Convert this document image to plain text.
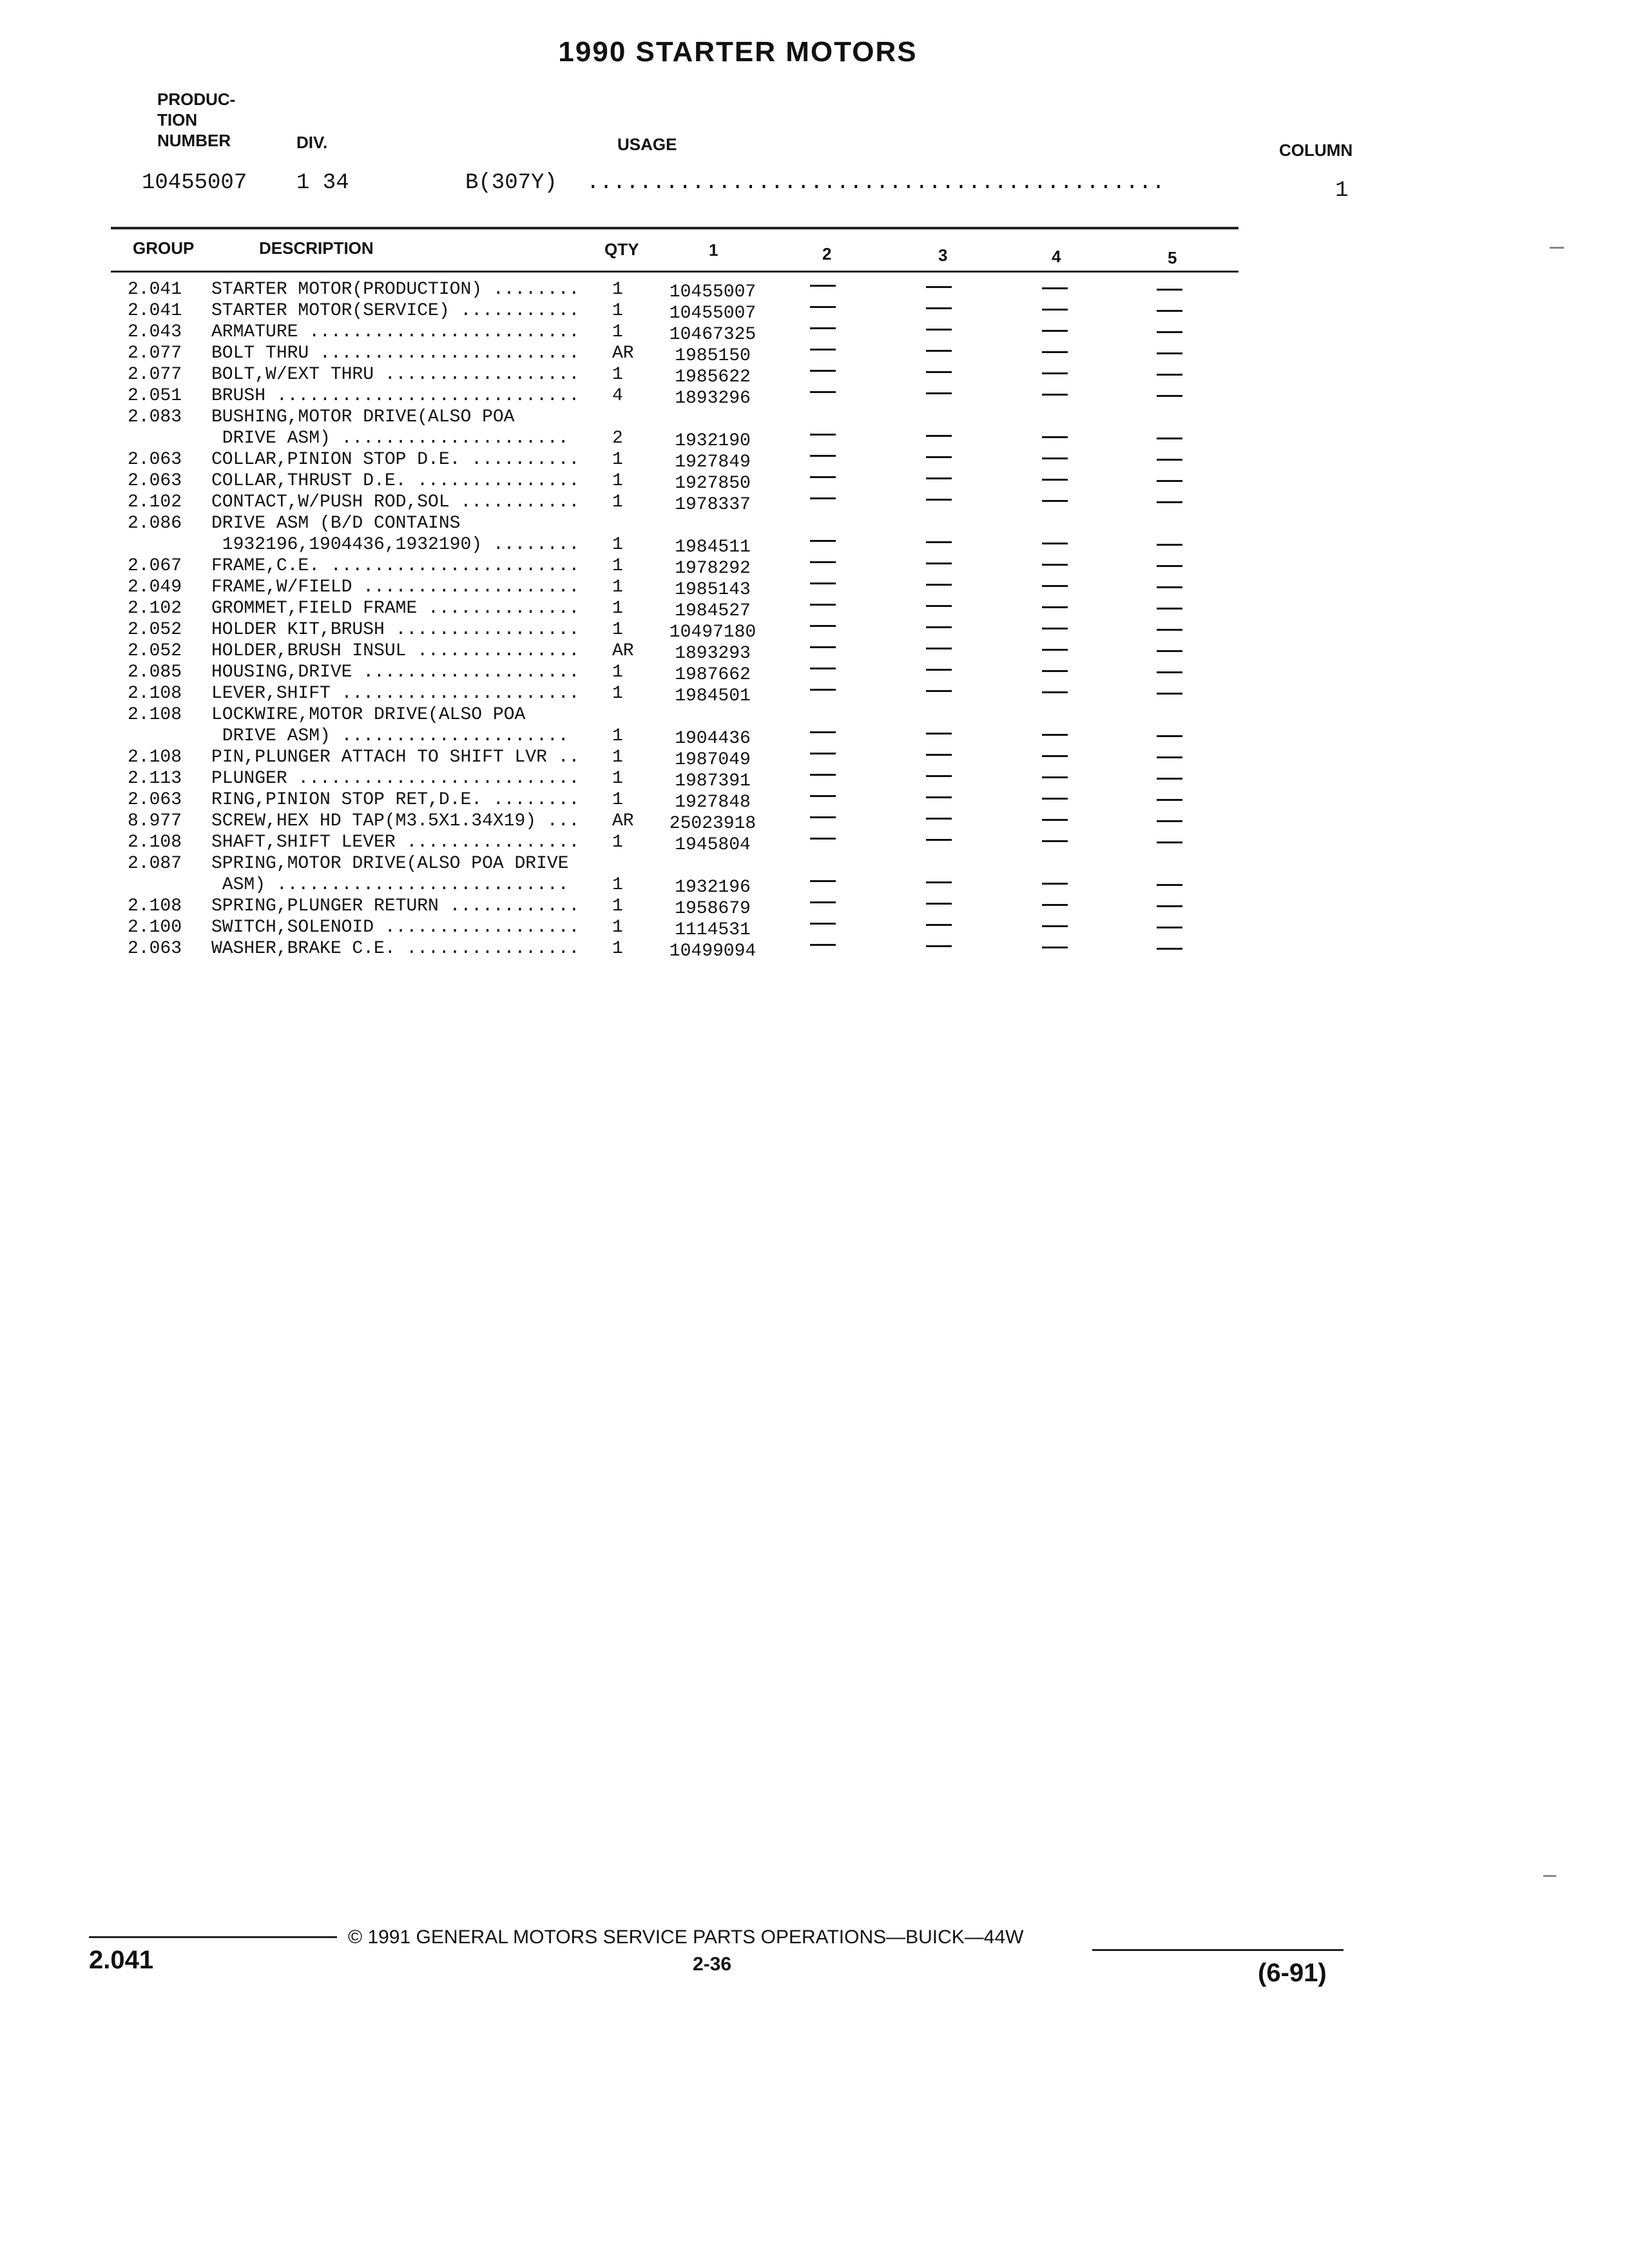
1990 STARTER MOTORS
PRODUC-
TION
NUMBER	DIV.	USAGE	COLUMN
10455007 1 34	B(307Y) ............................................	1
GROUP	DESCRIPTION	QTY	1	2	3	4	5
2.041 STARTER MOTOR(PRODUCTION) ........	1	10455007
2.041 STARTER MOTOR(SERVICE) ...........	1	10455007
2.043 ARMATURE .........................	1	10467325
2.077 BOLT THRU ........................	AR	1985150
2.077 BOLT,W/EXT THRU ..................	1	1985622
2.051 BRUSH ............................	4	1893296
2.083 BUSHING,MOTOR DRIVE(ALSO POA
DRIVE ASM) .....................	2	1932190
2.063 COLLAR,PINION STOP D.E. ..........	1	1927849
2.063 COLLAR,THRUST D.E. ...............	1	1927850
2.102 CONTACT,W/PUSH ROD,SOL ...........	1	1978337
2.086 DRIVE ASM (B/D CONTAINS
1932196,1904436,1932190) ........	1	1984511
2.067 FRAME,C.E. .......................	1	1978292
2.049 FRAME,W/FIELD ....................	1	1985143
2.102 GROMMET,FIELD FRAME ..............	1	1984527
2.052 HOLDER KIT,BRUSH .................	1	10497180
2.052 HOLDER,BRUSH INSUL ...............	AR	1893293
2.085 HOUSING,DRIVE ....................	1	1987662
2.108 LEVER,SHIFT ......................	1	1984501
2.108 LOCKWIRE,MOTOR DRIVE(ALSO POA
DRIVE ASM) .....................	1	1904436
2.108 PIN,PLUNGER ATTACH TO SHIFT LVR ..	1	1987049
2.113 PLUNGER ..........................	1	1987391
2.063 RING,PINION STOP RET,D.E. ........	1	1927848
8.977 SCREW,HEX HD TAP(M3.5X1.34X19) ...	AR	25023918
2.108 SHAFT,SHIFT LEVER ................	1	1945804
2.087 SPRING,MOTOR DRIVE(ALSO POA DRIVE
ASM) ...........................	1	1932196
2.108 SPRING,PLUNGER RETURN ............	1	1958679
2.100 SWITCH,SOLENOID ..................	1	1114531
2.063 WASHER,BRAKE C.E. ................	1	10499094
© 1991 GENERAL MOTORS SERVICE PARTS OPERATIONS—BUICK—44W
2.041	2-36	(6-91)
